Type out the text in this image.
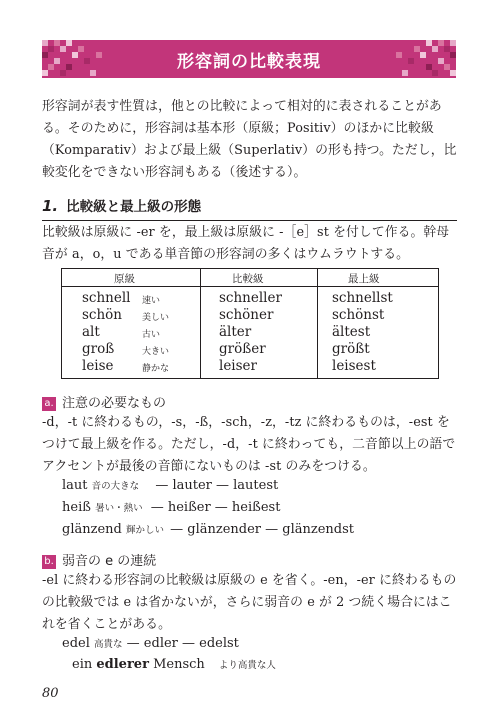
形容詞の比較表現
形容詞が表す性質は，他との比較によって相対的に表されることがある。そのために，形容詞は基本形（原級；Positiv）のほかに比較級（Komparativ）および最上級（Superlativ）の形も持つ。ただし，比較変化をできない形容詞もある（後述する）。
1. 比較級と最上級の形態
比較級は原級に -er を，最上級は原級に -［e］st を付して作る。幹母音が a，o，u である単音節の形容詞の多くはウムラウトする。
原級	比較級	最上級
schnell 速い	schneller	schnellst
schön 美しい	schöner	schönst
alt	古い	älter	ältest
groß	大きい	größer	größt
leise	静かな	leiser	leisest
a. 注意の必要なもの
-d，-t に終わるもの，-s，-ß，-sch，-z，-tz に終わるものは，-est をつけて最上級を作る。ただし，-d，-t に終わっても，二音節以上の語でアクセントが最後の音節にないものは -st のみをつける。
laut 音の大きな — lauter — lautest
heiß 暑い・熱い — heißer — heißest
glänzend 輝かしい — glänzender — glänzendst
b. 弱音の e の連続
-el に終わる形容詞の比較級は原級の e を省く。-en，-er に終わるものの比較級では e は省かないが，さらに弱音の e が 2 つ続く場合にはこれを省くことがある。
edel 高貴な — edler — edelst
ein edlerer Mensch より高貴な人
80
